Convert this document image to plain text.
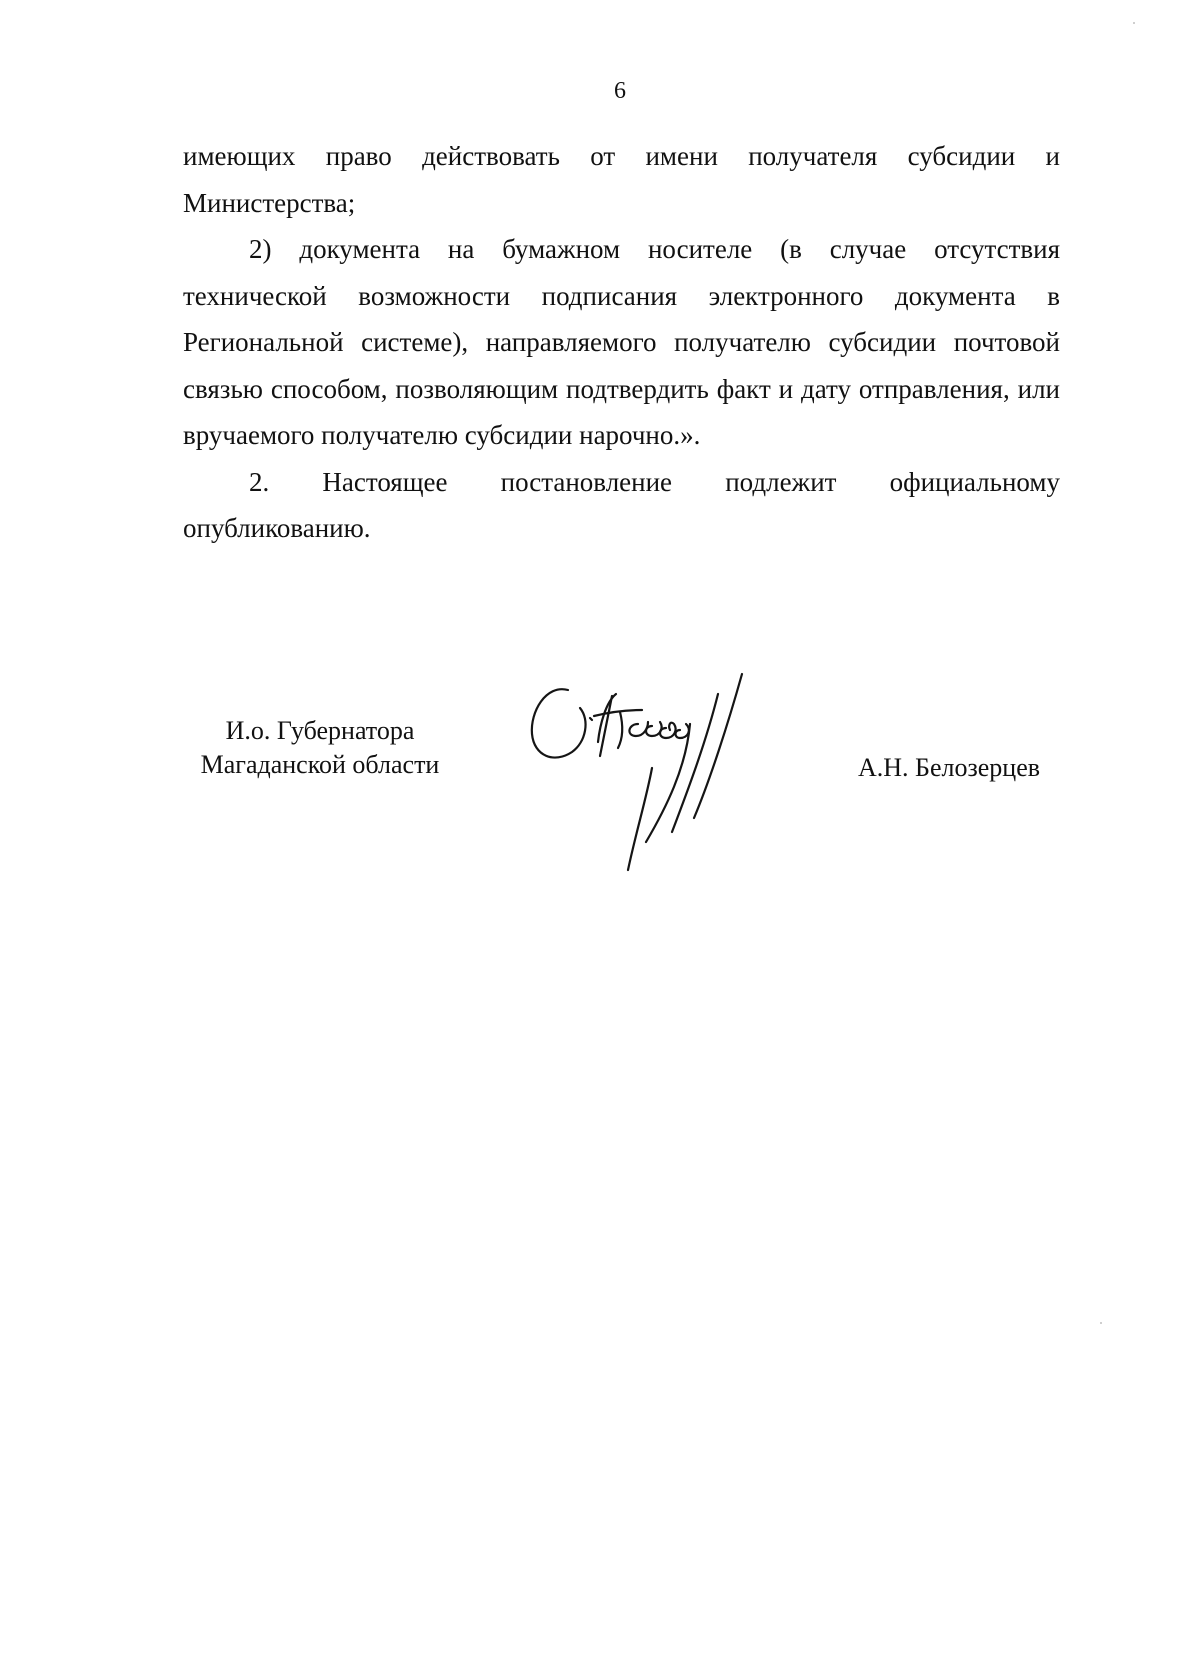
6

имеющих право действовать от имени получателя субсидии и Министерства;

2) документа на бумажном носителе (в случае отсутствия технической возможности подписания электронного документа в Региональной системе), направляемого получателю субсидии почтовой связью способом, позволяющим подтвердить факт и дату отправления, или вручаемого получателю субсидии нарочно.».

2. Настоящее постановление подлежит официальному опубликованию.

И.о. Губернатора
Магаданской области	А.Н. Белозерцев
